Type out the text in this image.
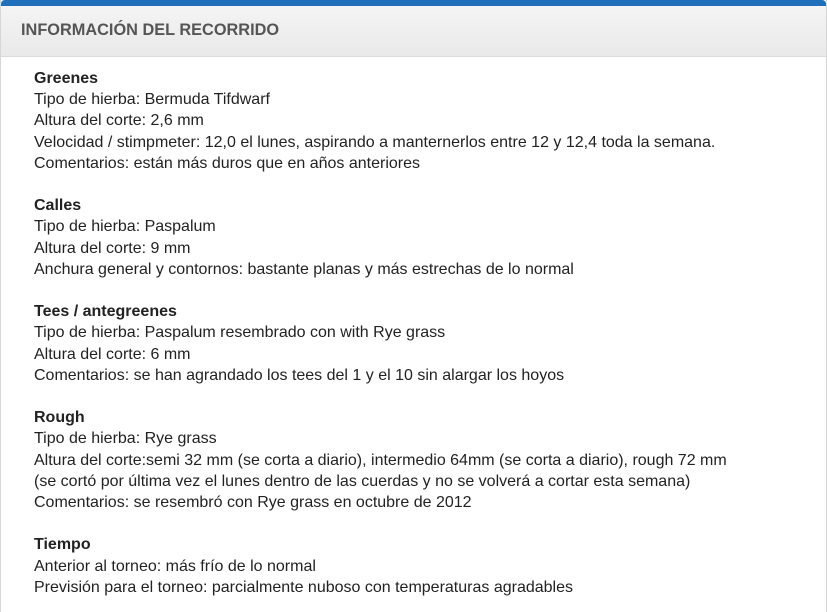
INFORMACIÓN DEL RECORRIDO
Greenes
Tipo de hierba: Bermuda Tifdwarf
Altura del corte: 2,6 mm
Velocidad / stimpmeter: 12,0 el lunes, aspirando a manternerlos entre 12 y 12,4 toda la semana.
Comentarios: están más duros que en años anteriores
Calles
Tipo de hierba: Paspalum
Altura del corte: 9 mm
Anchura general y contornos: bastante planas y más estrechas de lo normal
Tees / antegreenes
Tipo de hierba: Paspalum resembrado con with Rye grass
Altura del corte: 6 mm
Comentarios: se han agrandado los tees del 1 y el 10 sin alargar los hoyos
Rough
Tipo de hierba: Rye grass
Altura del corte:semi 32 mm (se corta a diario), intermedio 64mm (se corta a diario), rough 72 mm
(se cortó por última vez el lunes dentro de las cuerdas y no se volverá a cortar esta semana)
Comentarios: se resembró con Rye grass en octubre de 2012
Tiempo
Anterior al torneo: más frío de lo normal
Previsión para el torneo: parcialmente nuboso con temperaturas agradables
